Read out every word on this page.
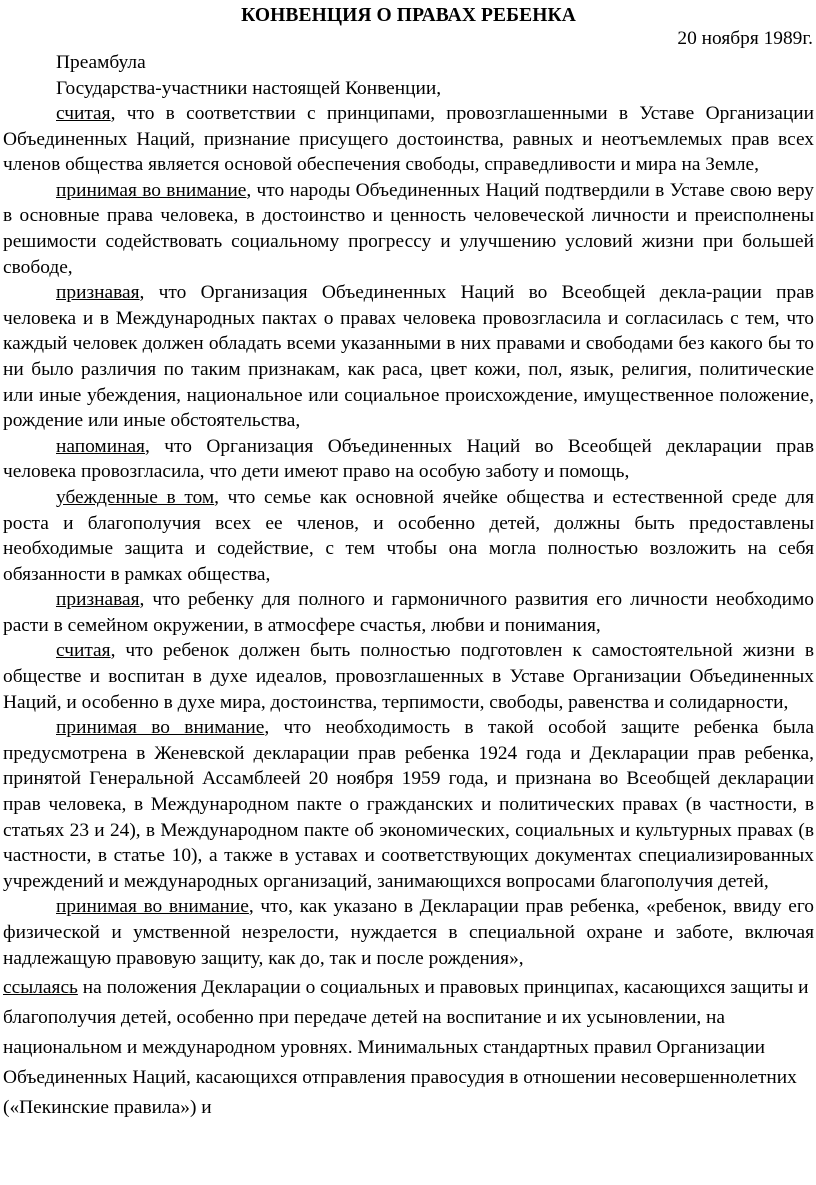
КОНВЕНЦИЯ О ПРАВАХ РЕБЕНКА

20 ноября 1989г.

Преамбула

Государства-участники настоящей Конвенции,

считая, что в соответствии с принципами, провозглашенными в Уставе Организации Объединенных Наций, признание присущего достоинства, равных и неотъемлемых прав всех членов общества является основой обеспечения свободы, справедливости и мира на Земле,

принимая во внимание, что народы Объединенных Наций подтвердили в Уставе свою веру в основные права человека, в достоинство и ценность человеческой личности и преисполнены решимости содействовать социальному прогрессу и улучшению условий жизни при большей свободе,

признавая, что Организация Объединенных Наций во Всеобщей декла-рации прав человека и в Международных пактах о правах человека провозгласила и согласилась с тем, что каждый человек должен обладать всеми указанными в них правами и свободами без какого бы то ни было различия по таким признакам, как раса, цвет кожи, пол, язык, религия, политические или иные убеждения, национальное или социальное происхождение, имущественное положение, рождение или иные обстоятельства,

напоминая, что Организация Объединенных Наций во Всеобщей декларации прав человека провозгласила, что дети имеют право на особую заботу и помощь,

убежденные в том, что семье как основной ячейке общества и естественной среде для роста и благополучия всех ее членов, и особенно детей, должны быть предоставлены необходимые защита и содействие, с тем чтобы она могла полностью возложить на себя обязанности в рамках общества,

признавая, что ребенку для полного и гармоничного развития его личности необходимо расти в семейном окружении, в атмосфере счастья, любви и понимания,

считая, что ребенок должен быть полностью подготовлен к самостоятельной жизни в обществе и воспитан в духе идеалов, провозглашенных в Уставе Организации Объединенных Наций, и особенно в духе мира, достоинства, терпимости, свободы, равенства и солидарности,

принимая во внимание, что необходимость в такой особой защите ребенка была предусмотрена в Женевской декларации прав ребенка 1924 года и Декларации прав ребенка, принятой Генеральной Ассамблеей 20 ноября 1959 года, и признана во Всеобщей декларации прав человека, в Международном пакте о гражданских и политических правах (в частности, в статьях 23 и 24), в Международном пакте об экономических, социальных и культурных правах (в частности, в статье 10), а также в уставах и соответствующих документах специализированных учреждений и международных организаций, занимающихся вопросами благополучия детей,

принимая во внимание, что, как указано в Декларации прав ребенка, «ребенок, ввиду его физической и умственной незрелости, нуждается в специальной охране и заботе, включая надлежащую правовую защиту, как до, так и после рождения»,

ссылаясь на положения Декларации о социальных и правовых принципах, касающихся защиты и благополучия детей, особенно при передаче детей на воспитание и их усыновлении, на национальном и международном уровнях. Минимальных стандартных правил Организации Объединенных Наций, касающихся отправления правосудия в отношении несовершеннолетних («Пекинские правила») и
